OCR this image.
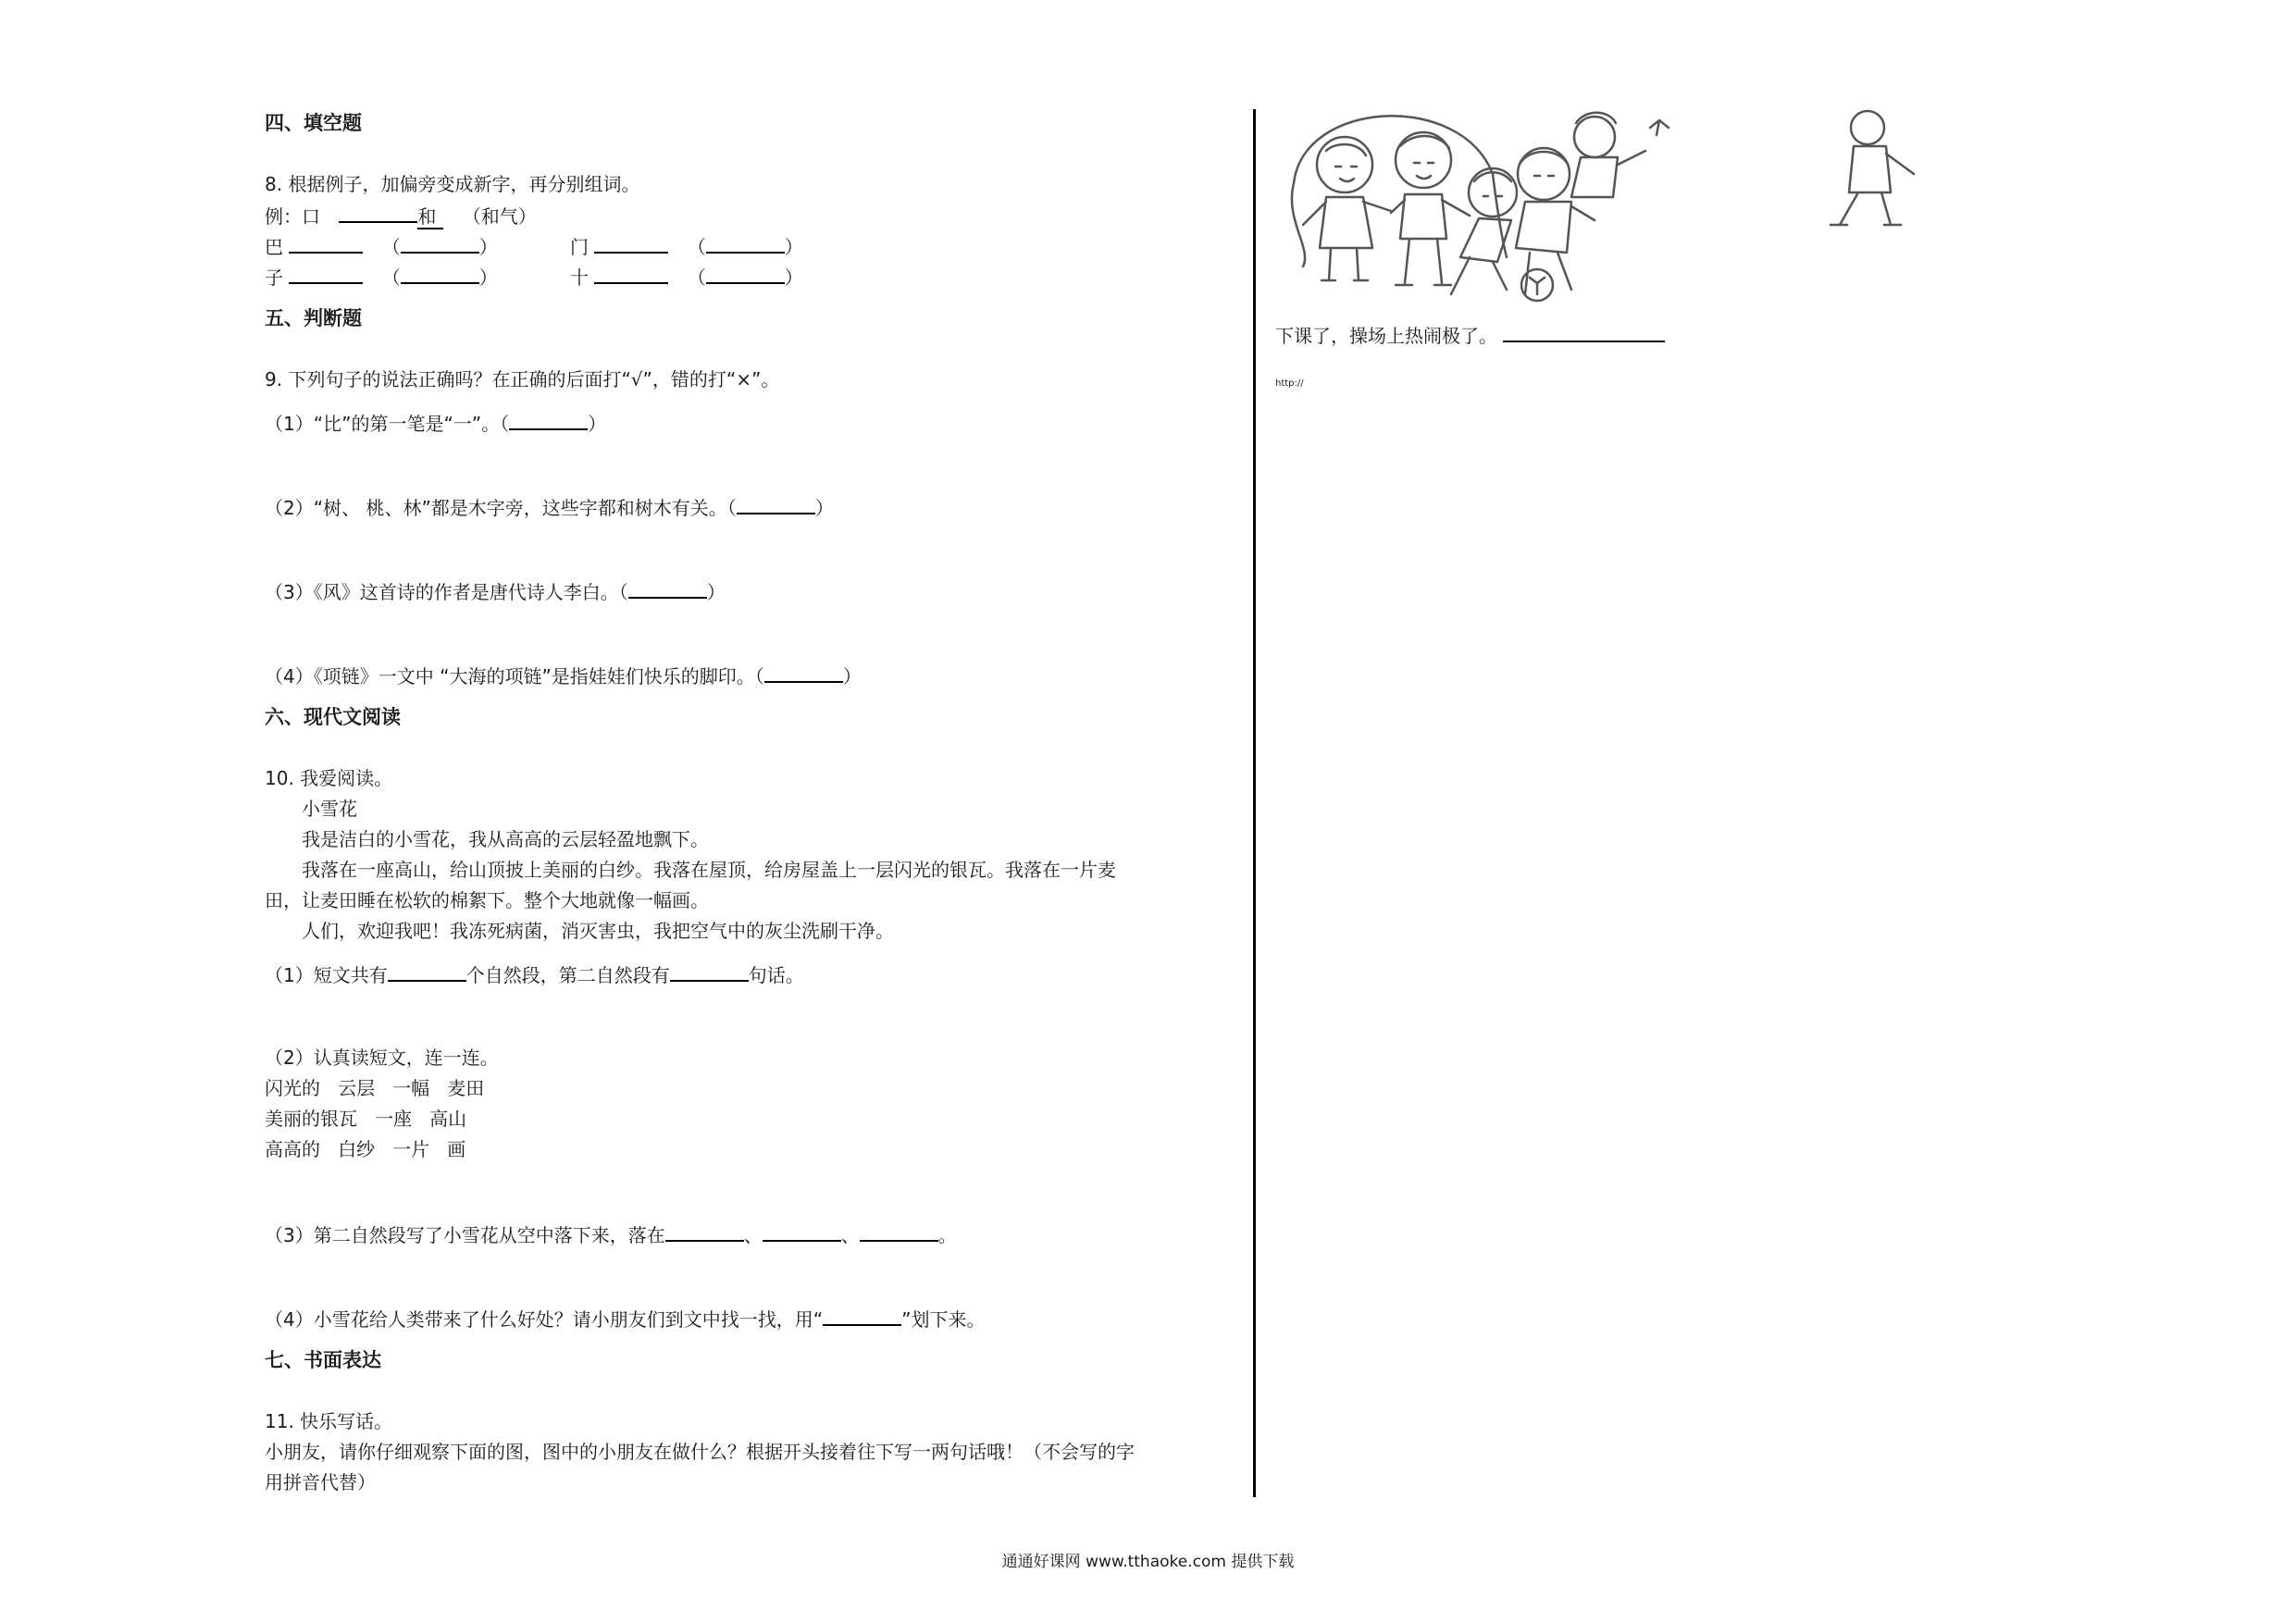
四、填空题
8. 根据例子，加偏旁变成新字，再分别组词。
例：口	和 （和气）
巴	（	）	门	（	）
子	（	）	十	（	）
五、判断题
9. 下列句子的说法正确吗？在正确的后面打“√”，错的打“×”。
（1）“比”的第一笔是“一”。（	）
（2）“树、 桃、林”都是木字旁，这些字都和树木有关。（	）
（3）《风》这首诗的作者是唐代诗人李白。（	）
（4）《项链》一文中 “大海的项链”是指娃娃们快乐的脚印。（	）
六、现代文阅读
10. 我爱阅读。
小雪花
我是洁白的小雪花，我从高高的云层轻盈地飘下。
我落在一座高山，给山顶披上美丽的白纱。我落在屋顶，给房屋盖上一层闪光的银瓦。我落在一片麦
田，让麦田睡在松软的棉絮下。整个大地就像一幅画。
人们，欢迎我吧！我冻死病菌，消灭害虫，我把空气中的灰尘洗刷干净。
（1）短文共有	个自然段，第二自然段有	句话。
（2）认真读短文，连一连。
闪光的   云层   一幅   麦田
美丽的银瓦   一座   高山
高高的   白纱   一片   画
（3）第二自然段写了小雪花从空中落下来，落在	、	、	。
（4）小雪花给人类带来了什么好处？请小朋友们到文中找一找，用“	”划下来。
七、书面表达
11. 快乐写话。
小朋友，请你仔细观察下面的图，图中的小朋友在做什么？根据开头接着往下写一两句话哦！（不会写的字
用拼音代替）
下课了，操场上热闹极了。
http://
通通好课网 www.tthaoke.com 提供下载
